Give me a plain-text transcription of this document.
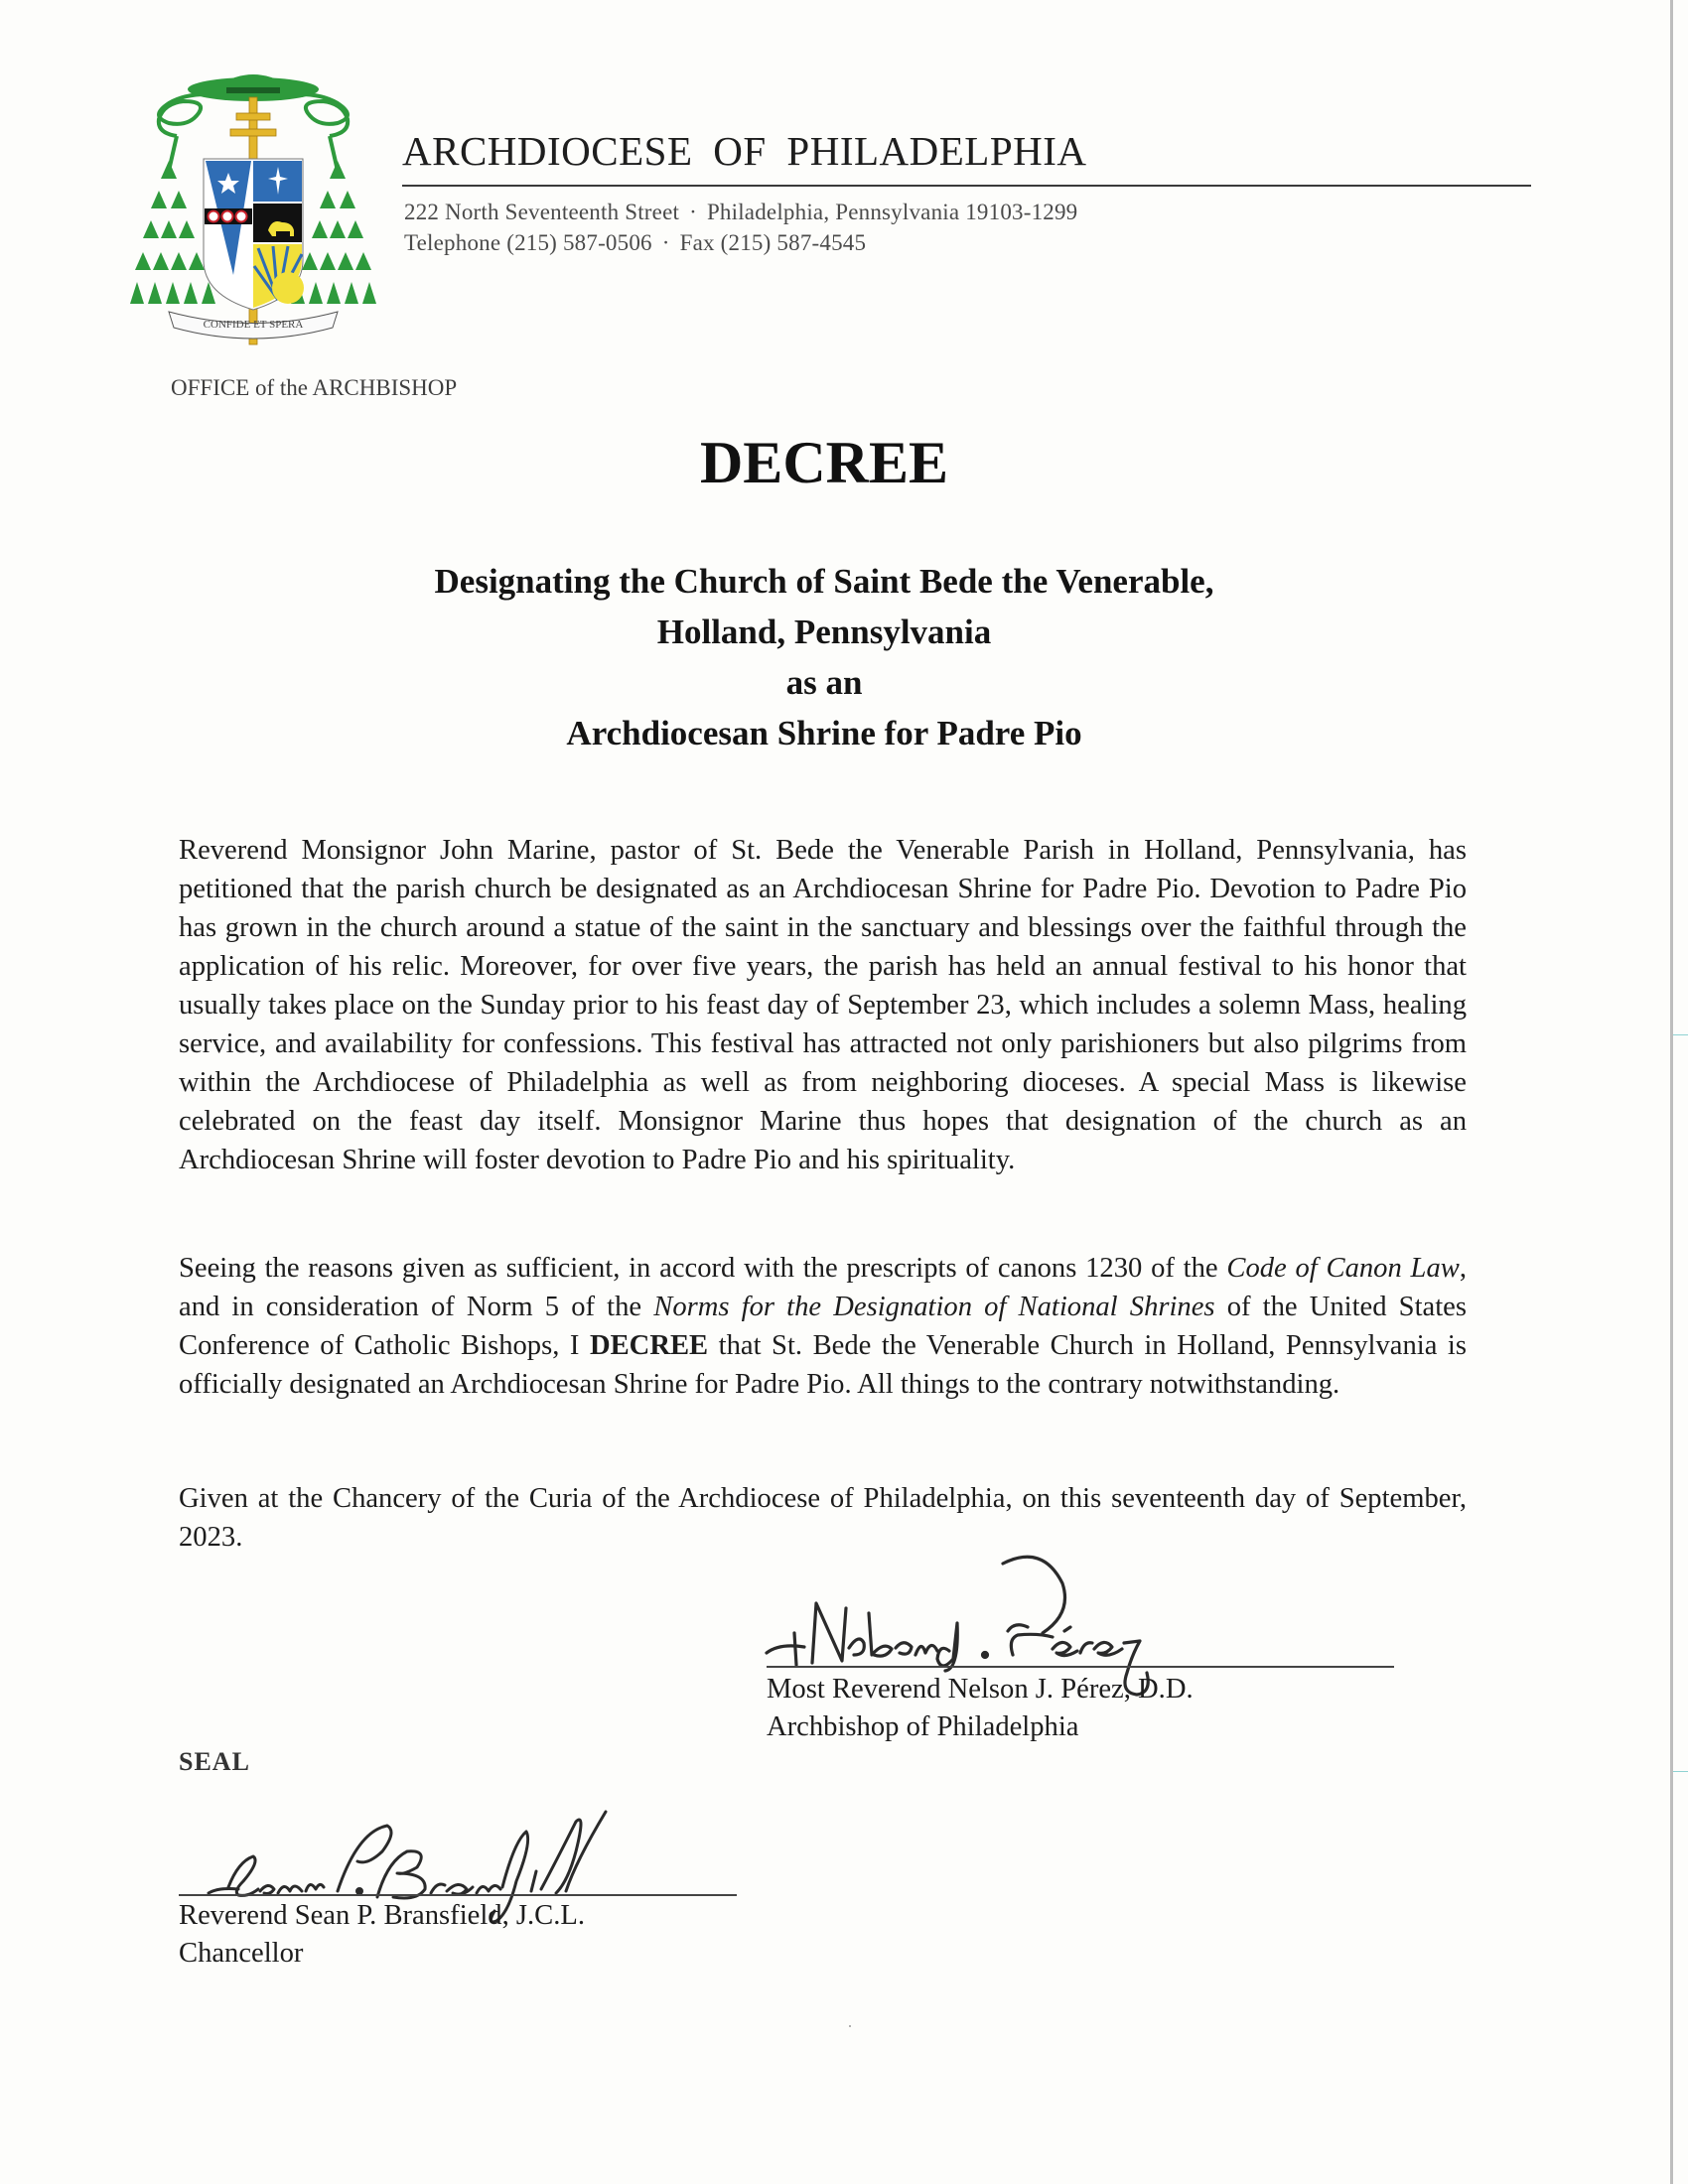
CONFIDE ET SPERA
ARCHDIOCESE OF PHILADELPHIA
222 North Seventeenth Street · Philadelphia, Pennsylvania 19103-1299
Telephone (215) 587-0506 · Fax (215) 587-4545
OFFICE of the ARCHBISHOP
DECREE
Designating the Church of Saint Bede the Venerable,
Holland, Pennsylvania
as an
Archdiocesan Shrine for Padre Pio

Reverend Monsignor John Marine, pastor of St. Bede the Venerable Parish in Holland, Pennsylvania, has petitioned that the parish church be designated as an Archdiocesan Shrine for Padre Pio. Devotion to Padre Pio has grown in the church around a statue of the saint in the sanctuary and blessings over the faithful through the application of his relic. Moreover, for over five years, the parish has held an annual festival to his honor that usually takes place on the Sunday prior to his feast day of September 23, which includes a solemn Mass, healing service, and availability for confessions. This festival has attracted not only parishioners but also pilgrims from within the Archdiocese of Philadelphia as well as from neighboring dioceses. A special Mass is likewise celebrated on the feast day itself. Monsignor Marine thus hopes that designation of the church as an Archdiocesan Shrine will foster devotion to Padre Pio and his spirituality.

Seeing the reasons given as sufficient, in accord with the prescripts of canons 1230 of the Code of Canon Law, and in consideration of Norm 5 of the Norms for the Designation of National Shrines of the United States Conference of Catholic Bishops, I DECREE that St. Bede the Venerable Church in Holland, Pennsylvania is officially designated an Archdiocesan Shrine for Padre Pio. All things to the contrary notwithstanding.

Given at the Chancery of the Curia of the Archdiocese of Philadelphia, on this seventeenth day of September, 2023.	+Nelson J. Pérez
Most Reverend Nelson J. Pérez, D.D.
Archbishop of Philadelphia
SEAL
Sean P. Bransfield
Reverend Sean P. Bransfield, J.C.L.
Chancellor
